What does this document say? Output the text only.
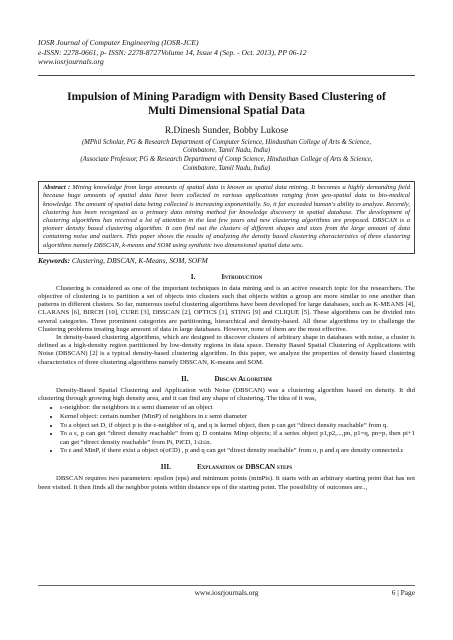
IOSR Journal of Computer Engineering (IOSR-JCE)
e-ISSN: 2278-0661, p- ISSN: 2278-8727Volume 14, Issue 4 (Sep. - Oct. 2013), PP 06-12
www.iosrjournals.org
Impulsion of Mining Paradigm with Density Based Clustering of
Multi Dimensional Spatial Data
R.Dinesh Sunder, Bobby Lukose
(MPhil Scholar, PG & Research Department of Computer Science, Hindusthan College of Arts & Science,
Coimbatore, Tamil Nadu, India)
(Associate Professor, PG & Research Department of Comp Science, Hindusthan College of Arts & Science,
Coimbatore, Tamil Nadu, India)
Abstract : Mining knowledge from large amounts of spatial data is known as spatial data mining. It becomes a highly demanding field because huge amounts of spatial data have been collected in various applications ranging from geo-spatial data to bio-medical knowledge. The amount of spatial data being collected is increasing exponentially. So, it far exceeded human's ability to analyze. Recently, clustering has been recognized as a primary data mining method for knowledge discovery in spatial database. The development of clustering algorithms has received a lot of attention in the last few years and new clustering algorithms are proposed. DBSCAN is a pioneer density based clustering algorithm. It can find out the clusters of different shapes and sizes from the large amount of data containing noise and outliers. This paper shows the results of analyzing the density based clustering characteristics of three clustering algorithms namely DBSCAN, k-means and SOM using synthetic two dimensional spatial data sets.
Keywords: Clustering, DBSCAN, K-Means, SOM, SOFM
I.	Introduction

Clustering is considered as one of the important techniques in data mining and is an active research topic for the researchers. The objective of clustering is to partition a set of objects into clusters such that objects within a group are more similar to one another than patterns in different clusters. So far, numerous useful clustering algorithms have been developed for large databases, such as K-MEANS [4], CLARANS [6], BIRCH [10], CURE [3], DBSCAN [2], OPTICS [1], STING [9] and CLIQUE [5]. These algorithms can be divided into several categories. Three prominent categories are partitioning, hierarchical and density-based. All these algorithms try to challenge the Clustering problems treating huge amount of data in large databases. However, none of them are the most effective.

In density-based clustering algorithms, which are designed to discover clusters of arbitrary shape in databases with noise, a cluster is defined as a high-density region partitioned by low-density regions in data space. Density Based Spatial Clustering of Applications with Noise (DBSCAN) [2] is a typical density-based clustering algorithm. In this paper, we analyze the properties of density based clustering characteristics of three clustering algorithms namely DBSCAN, K-means and SOM.

II.	Dbscan Algorithm

Density-Based Spatial Clustering and Application with Noise (DBSCAN) was a clustering algorithm based on density. It did clustering through growing high density area, and it can find any shape of clustering. The idea of it was,

• ε-neighbor: the neighbors in ε semi diameter of an object
• Kernel object: certain number (MinP) of neighbors in ε semi diameter
• To a object set D, if object p is the ε-neighbor of q, and q is kernel object, then p can get “direct density reachable” from q.
• To a ε, p can get “direct density reachable” from q; D contains Minp objects; if a series object p1,p2,...,pn, p1=q, pn=p, then pi+1 can get “direct density reachable” from Pi, PiЄD, 1≤i≤n.
• To ε and MinP, if there exist a object o(oЄD) , p and q can get “direct density reachable” from o, p and q are density connected.ε
III.	Explanation of DBSCAN steps

DBSCAN requires two parameters: epsilon (eps) and minimum points (minPts). It starts with an arbitrary starting point that has not been visited. It then finds all the neighbor points within distance eps of the starting point. The possibility of outcomes are..,

www.iosrjournals.org	6 | Page
